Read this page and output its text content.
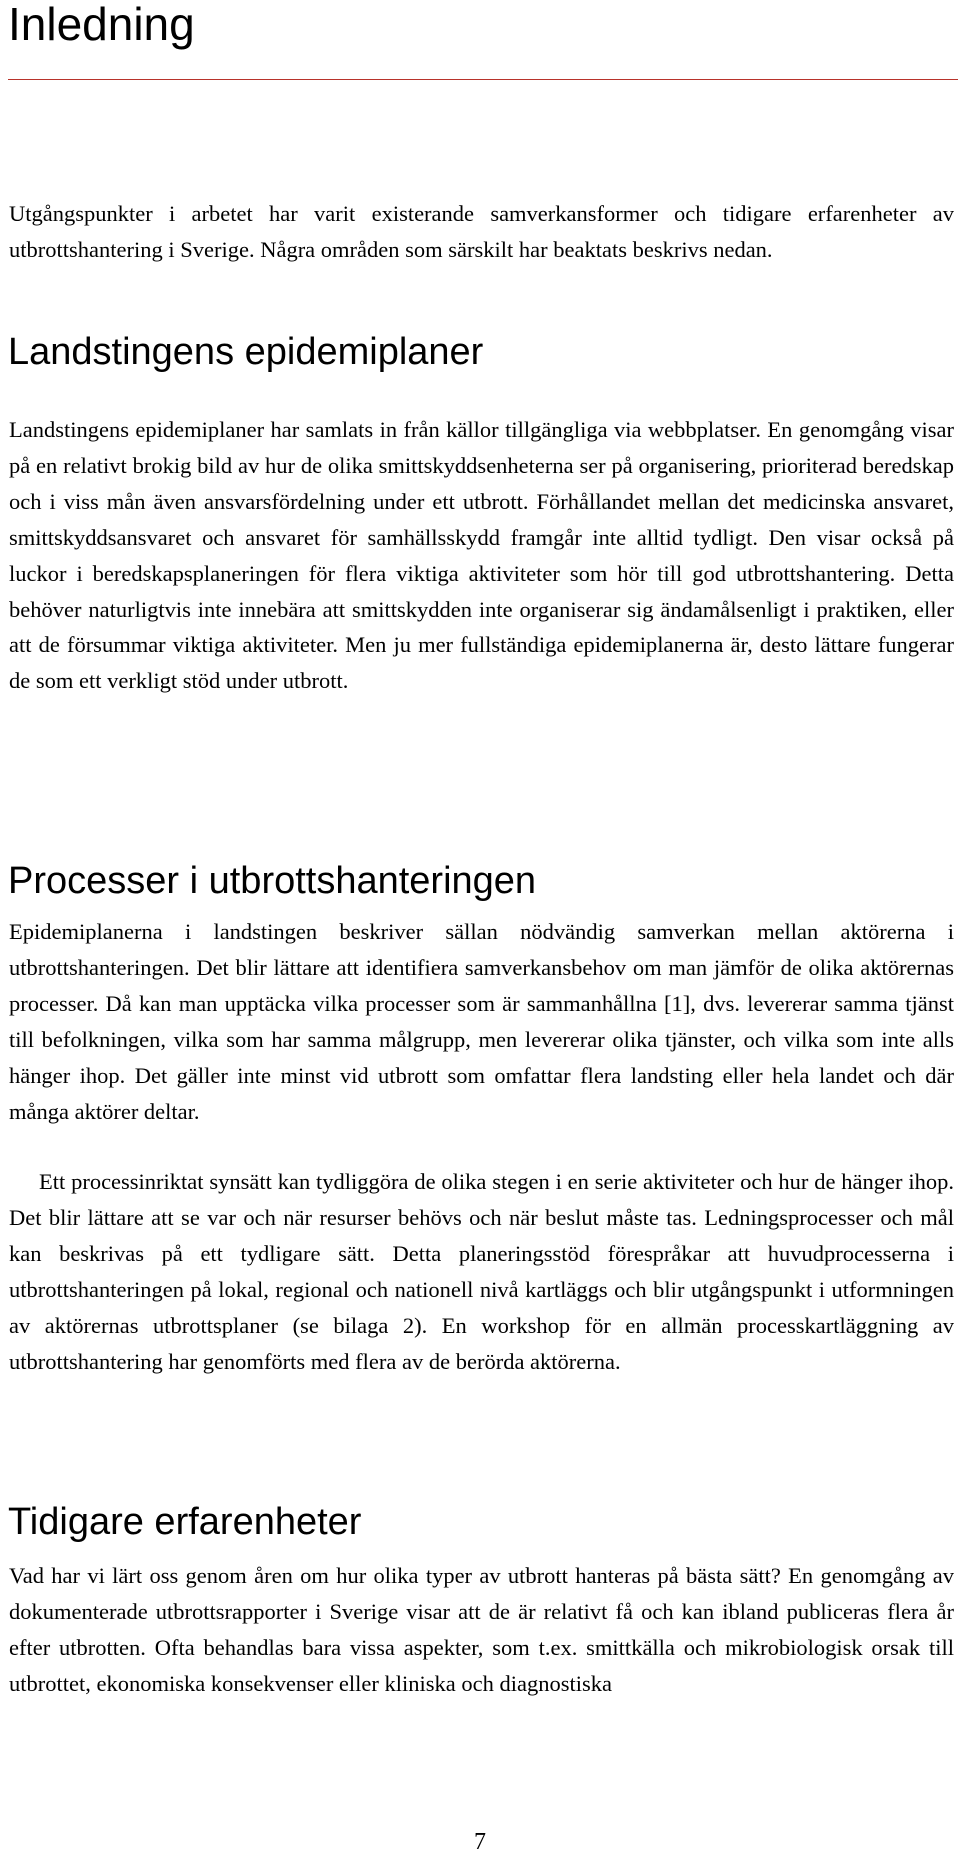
Inledning

Utgångspunkter i arbetet har varit existerande samverkansformer och tidigare erfarenheter av utbrottshantering i Sverige. Några områden som särskilt har beaktats beskrivs nedan.

Landstingens epidemiplaner

Landstingens epidemiplaner har samlats in från källor tillgängliga via webbplatser. En genomgång visar på en relativt brokig bild av hur de olika smittskyddsenheterna ser på organisering, prioriterad beredskap och i viss mån även ansvarsfördelning under ett utbrott. Förhållandet mellan det medicinska ansvaret, smittskyddsansvaret och ansvaret för samhällsskydd framgår inte alltid tydligt. Den visar också på luckor i beredskapsplaneringen för flera viktiga aktiviteter som hör till god utbrottshantering. Detta behöver naturligtvis inte innebära att smittskydden inte organiserar sig ändamålsenligt i praktiken, eller att de försummar viktiga aktiviteter. Men ju mer fullständiga epidemiplanerna är, desto lättare fungerar de som ett verkligt stöd under utbrott.

Processer i utbrottshanteringen

Epidemiplanerna i landstingen beskriver sällan nödvändig samverkan mellan aktörerna i utbrottshanteringen. Det blir lättare att identifiera samverkansbehov om man jämför de olika aktörernas processer. Då kan man upptäcka vilka processer som är sammanhållna [1], dvs. levererar samma tjänst till befolkningen, vilka som har samma målgrupp, men levererar olika tjänster, och vilka som inte alls hänger ihop. Det gäller inte minst vid utbrott som omfattar flera landsting eller hela landet och där många aktörer deltar.

Ett processinriktat synsätt kan tydliggöra de olika stegen i en serie aktiviteter och hur de hänger ihop. Det blir lättare att se var och när resurser behövs och när beslut måste tas. Ledningsprocesser och mål kan beskrivas på ett tydligare sätt. Detta planeringsstöd förespråkar att huvudprocesserna i utbrottshanteringen på lokal, regional och nationell nivå kartläggs och blir utgångspunkt i utformningen av aktörernas utbrottsplaner (se bilaga 2). En workshop för en allmän processkartläggning av utbrottshantering har genomförts med flera av de berörda aktörerna.

Tidigare erfarenheter

Vad har vi lärt oss genom åren om hur olika typer av utbrott hanteras på bästa sätt? En genomgång av dokumenterade utbrottsrapporter i Sverige visar att de är relativt få och kan ibland publiceras flera år efter utbrotten. Ofta behandlas bara vissa aspekter, som t.ex. smittkälla och mikrobiologisk orsak till utbrottet, ekonomiska konsekvenser eller kliniska och diagnostiska

7
